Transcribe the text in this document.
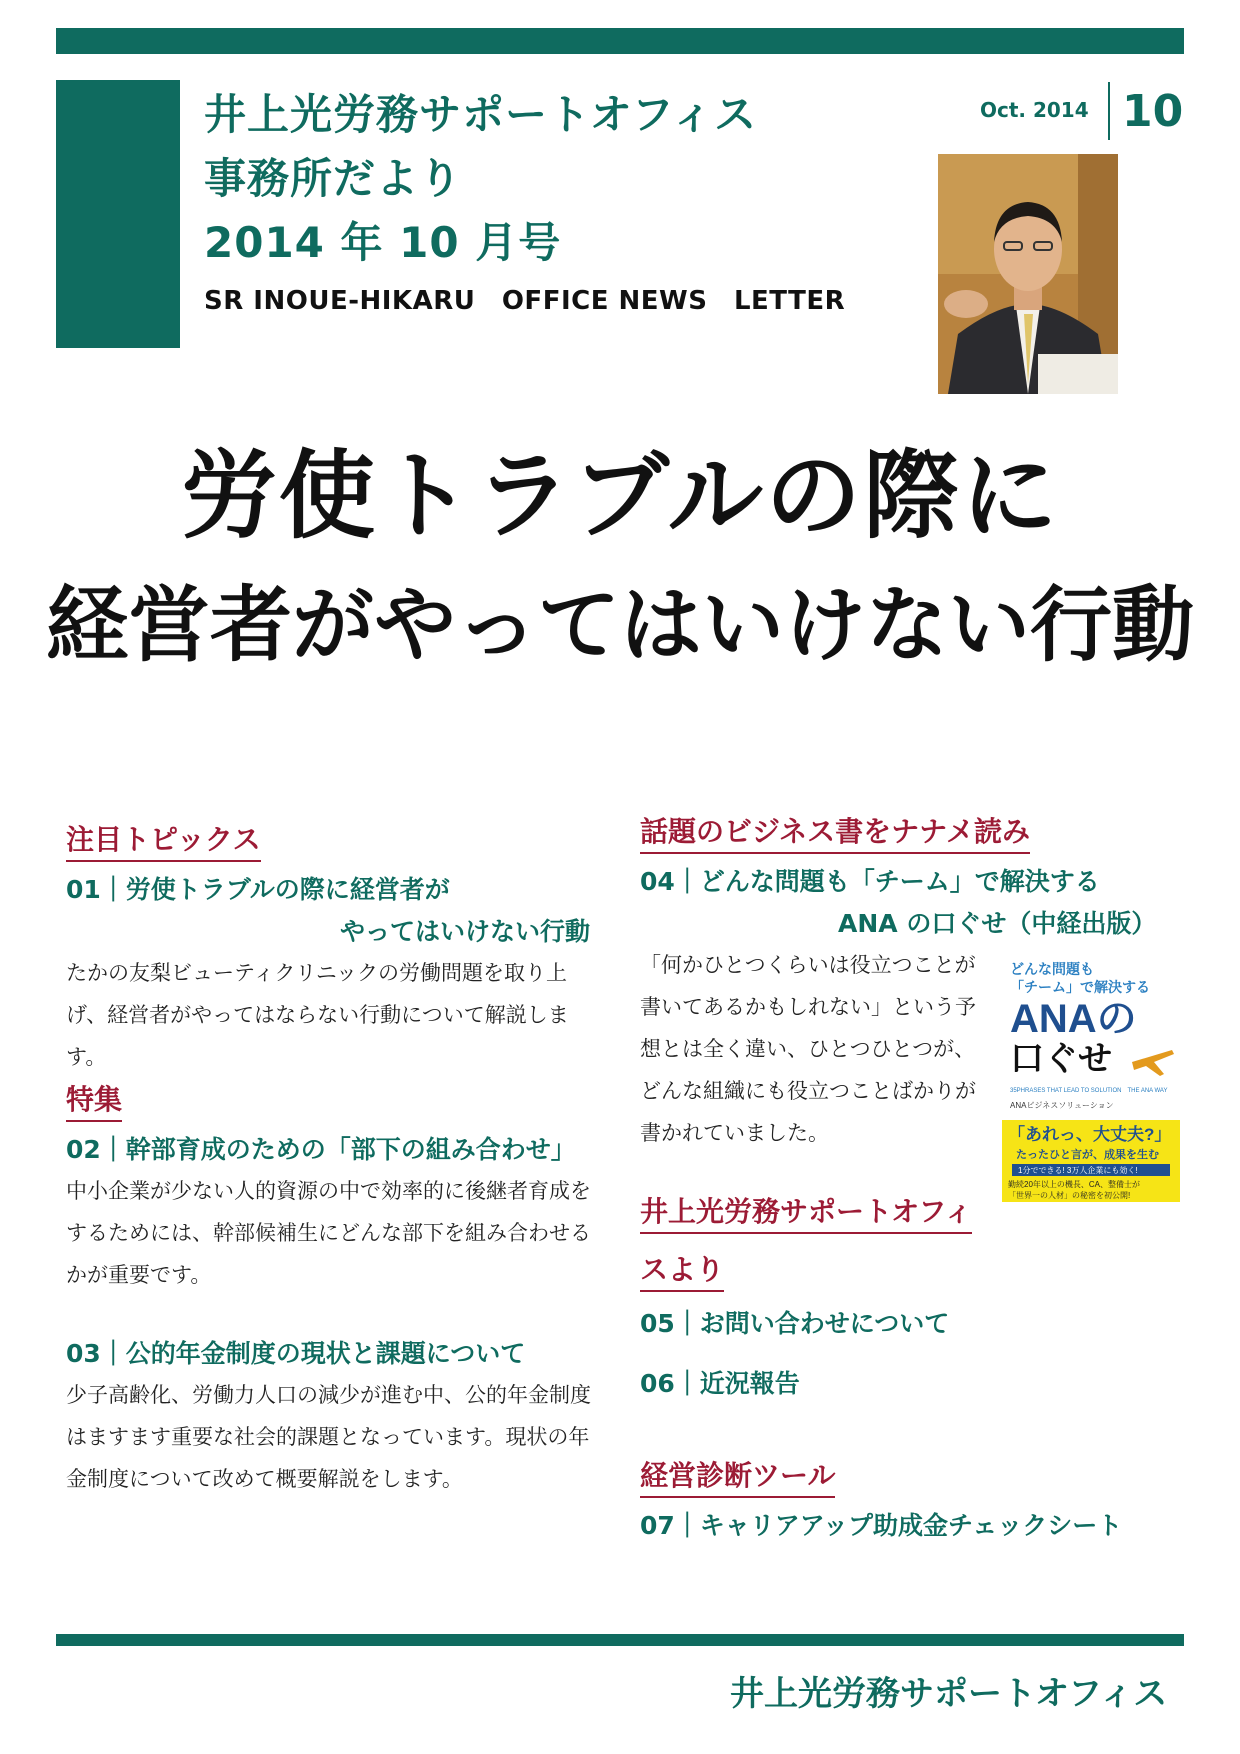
井上光労務サポートオフィス
事務所だより
2014 年 10 月号
SR INOUE-HIKARU　OFFICE NEWS　LETTER
Oct. 2014 10
労使トラブルの際に
経営者がやってはいけない行動
注目トピックス
01｜労使トラブルの際に経営者が
やってはいけない行動
たかの友梨ビューティクリニックの労働問題を取り上げ、経営者がやってはならない行動について解説します。
特集
02｜幹部育成のための「部下の組み合わせ」
中小企業が少ない人的資源の中で効率的に後継者育成をするためには、幹部候補生にどんな部下を組み合わせるかが重要です。
03｜公的年金制度の現状と課題について
少子高齢化、労働力人口の減少が進む中、公的年金制度はますます重要な社会的課題となっています。現状の年金制度について改めて概要解説をします。
話題のビジネス書をナナメ読み
04｜どんな問題も「チーム」で解決する
ANA の口ぐせ（中経出版）
「何かひとつくらいは役立つことが書いてあるかもしれない」という予想とは全く違い、ひとつひとつが、どんな組織にも役立つことばかりが書かれていました。
どんな問題も
「チーム」で解決する
ANAの
口ぐせ
35PHRASES THAT LEAD TO SOLUTION　THE ANA WAY
ANAビジネスソリューション
「あれっ、大丈夫?」
たったひと言が、成果を生む
1分でできる! 3万人企業にも効く!
勤続20年以上の機長、CA、整備士が
「世界一の人材」の秘密を初公開!
井上光労務サポートオフィ
スより
05｜お問い合わせについて
06｜近況報告
経営診断ツール
07｜キャリアアップ助成金チェックシート
井上光労務サポートオフィス
